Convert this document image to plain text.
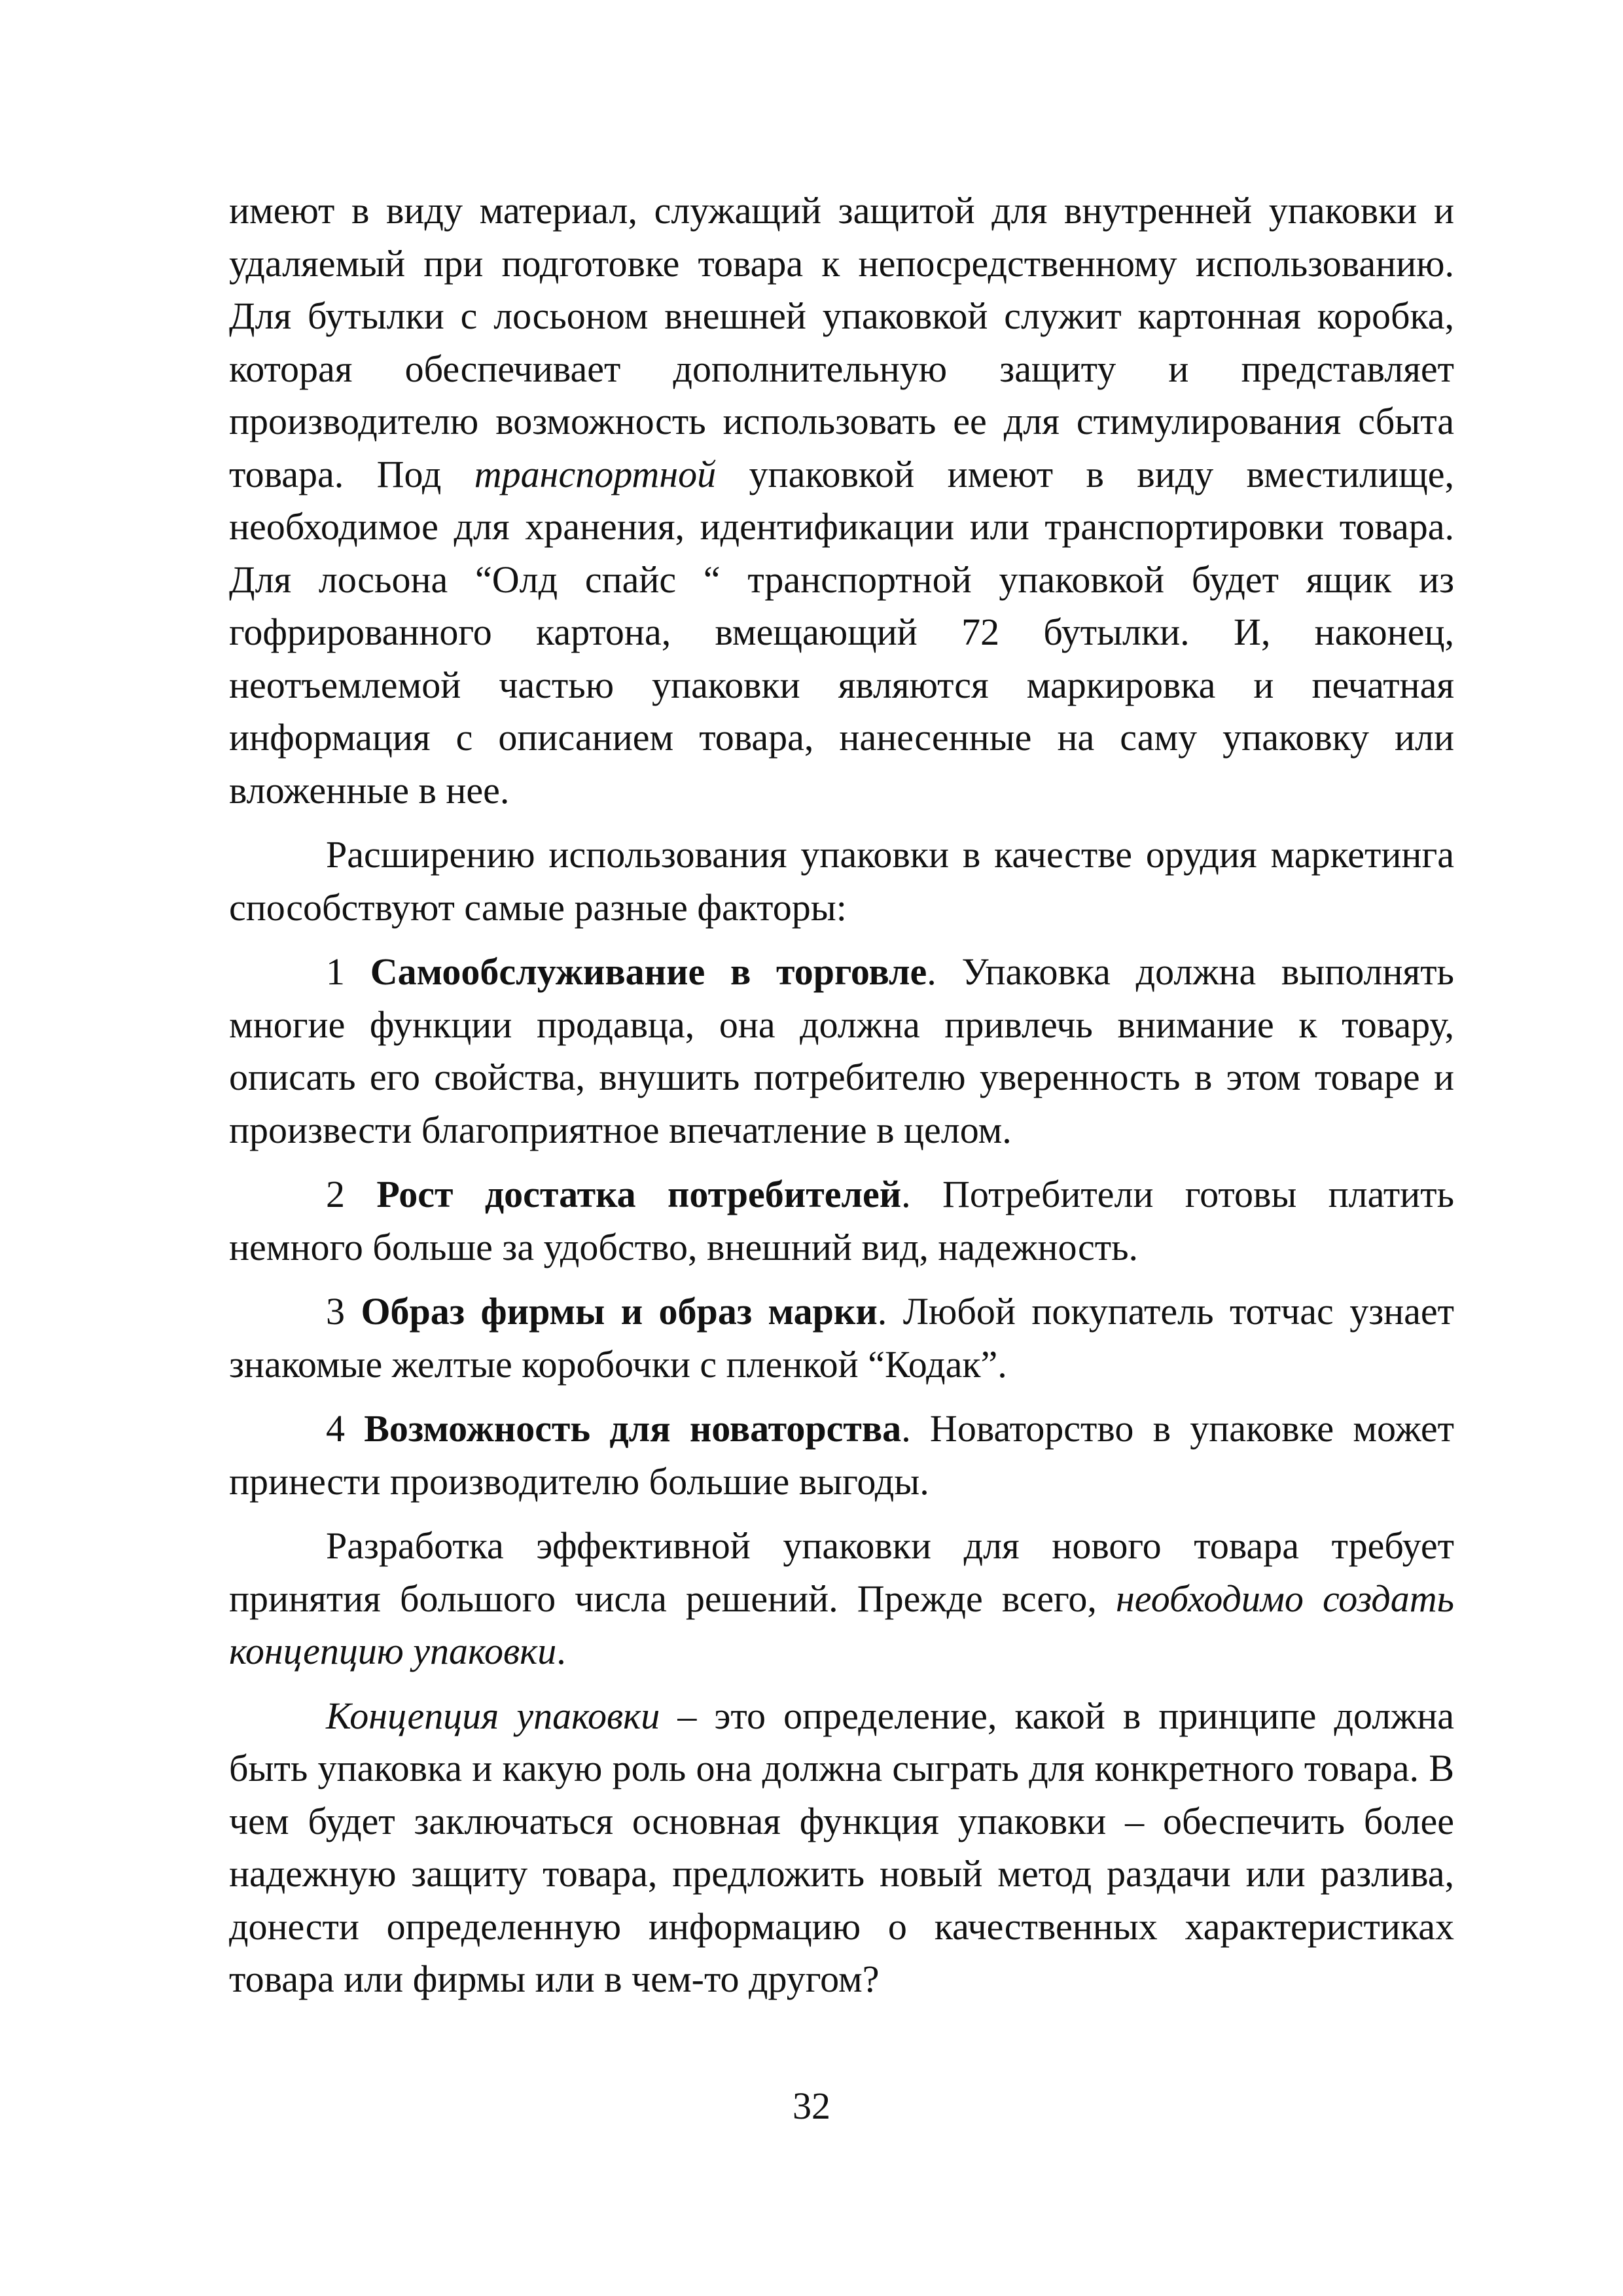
имеют в виду материал, служащий защитой для внутренней упаковки и удаляемый при подготовке товара к непосредственному использованию. Для бутылки с лосьоном внешней упаковкой служит картонная коробка, которая обеспечивает дополнительную защиту и представляет производителю возможность использовать ее для стимулирования сбыта товара. Под транспортной упаковкой имеют в виду вместилище, необходимое для хранения, идентификации или транспортировки товара. Для лосьона “Олд спайс “ транспортной упаковкой будет ящик из гофрированного картона, вмещающий 72 бутылки. И, наконец, неотъемлемой частью упаковки являются маркировка и печатная информация с описанием товара, нанесенные на саму упаковку или вложенные в нее.

Расширению использования упаковки в качестве орудия маркетинга способствуют самые разные факторы:

1 Самообслуживание в торговле. Упаковка должна выполнять многие функции продавца, она должна привлечь внимание к товару, описать его свойства, внушить потребителю уверенность в этом товаре и произвести благоприятное впечатление в целом.

2 Рост достатка потребителей. Потребители готовы платить немного больше за удобство, внешний вид, надежность.

3 Образ фирмы и образ марки. Любой покупатель тотчас узнает знакомые желтые коробочки с пленкой “Кодак”.

4 Возможность для новаторства. Новаторство в упаковке может принести производителю большие выгоды.

Разработка эффективной упаковки для нового товара требует принятия большого числа решений. Прежде всего, необходимо создать концепцию упаковки.

Концепция упаковки – это определение, какой в принципе должна быть упаковка и какую роль она должна сыграть для конкретного товара. В чем будет заключаться основная функция упаковки – обеспечить более надежную защиту товара, предложить новый метод раздачи или разлива, донести определенную информацию о качественных характеристиках товара или фирмы или в чем-то другом?

32
